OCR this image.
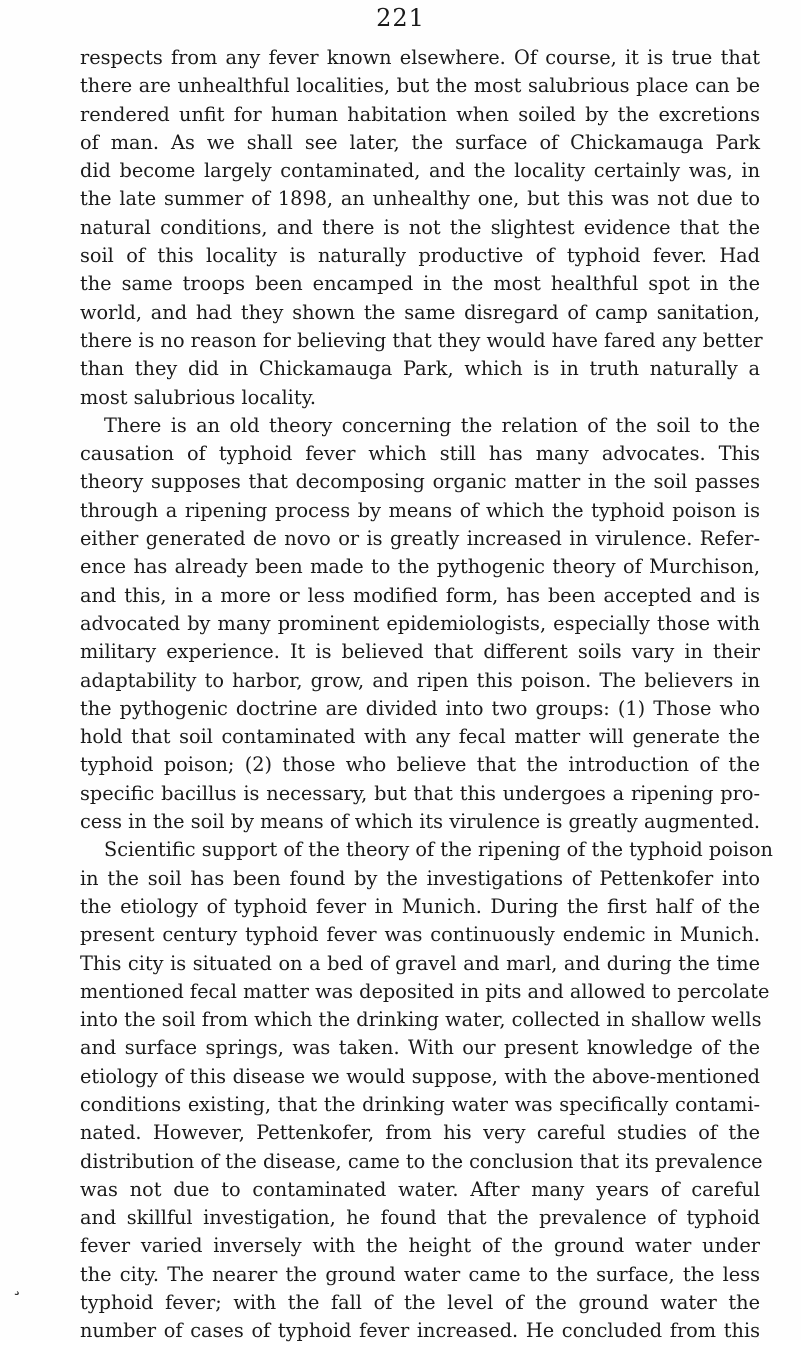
221
respects from any fever known elsewhere. Of course, it is true that
there are unhealthful localities, but the most salubrious place can be
rendered unfit for human habitation when soiled by the excretions
of man. As we shall see later, the surface of Chickamauga Park
did become largely contaminated, and the locality certainly was, in
the late summer of 1898, an unhealthy one, but this was not due to
natural conditions, and there is not the slightest evidence that the
soil of this locality is naturally productive of typhoid fever. Had
the same troops been encamped in the most healthful spot in the
world, and had they shown the same disregard of camp sanitation,
there is no reason for believing that they would have fared any better
than they did in Chickamauga Park, which is in truth naturally a
most salubrious locality.
There is an old theory concerning the relation of the soil to the
causation of typhoid fever which still has many advocates. This
theory supposes that decomposing organic matter in the soil passes
through a ripening process by means of which the typhoid poison is
either generated de novo or is greatly increased in virulence. Refer-
ence has already been made to the pythogenic theory of Murchison,
and this, in a more or less modified form, has been accepted and is
advocated by many prominent epidemiologists, especially those with
military experience. It is believed that different soils vary in their
adaptability to harbor, grow, and ripen this poison. The believers in
the pythogenic doctrine are divided into two groups: (1) Those who
hold that soil contaminated with any fecal matter will generate the
typhoid poison; (2) those who believe that the introduction of the
specific bacillus is necessary, but that this undergoes a ripening pro-
cess in the soil by means of which its virulence is greatly augmented.
Scientific support of the theory of the ripening of the typhoid poison
in the soil has been found by the investigations of Pettenkofer into
the etiology of typhoid fever in Munich. During the first half of the
present century typhoid fever was continuously endemic in Munich.
This city is situated on a bed of gravel and marl, and during the time
mentioned fecal matter was deposited in pits and allowed to percolate
into the soil from which the drinking water, collected in shallow wells
and surface springs, was taken. With our present knowledge of the
etiology of this disease we would suppose, with the above-mentioned
conditions existing, that the drinking water was specifically contami-
nated. However, Pettenkofer, from his very careful studies of the
distribution of the disease, came to the conclusion that its prevalence
was not due to contaminated water. After many years of careful
and skillful investigation, he found that the prevalence of typhoid
fever varied inversely with the height of the ground water under
the city. The nearer the ground water came to the surface, the less
typhoid fever; with the fall of the level of the ground water the
number of cases of typhoid fever increased. He concluded from this
¸
